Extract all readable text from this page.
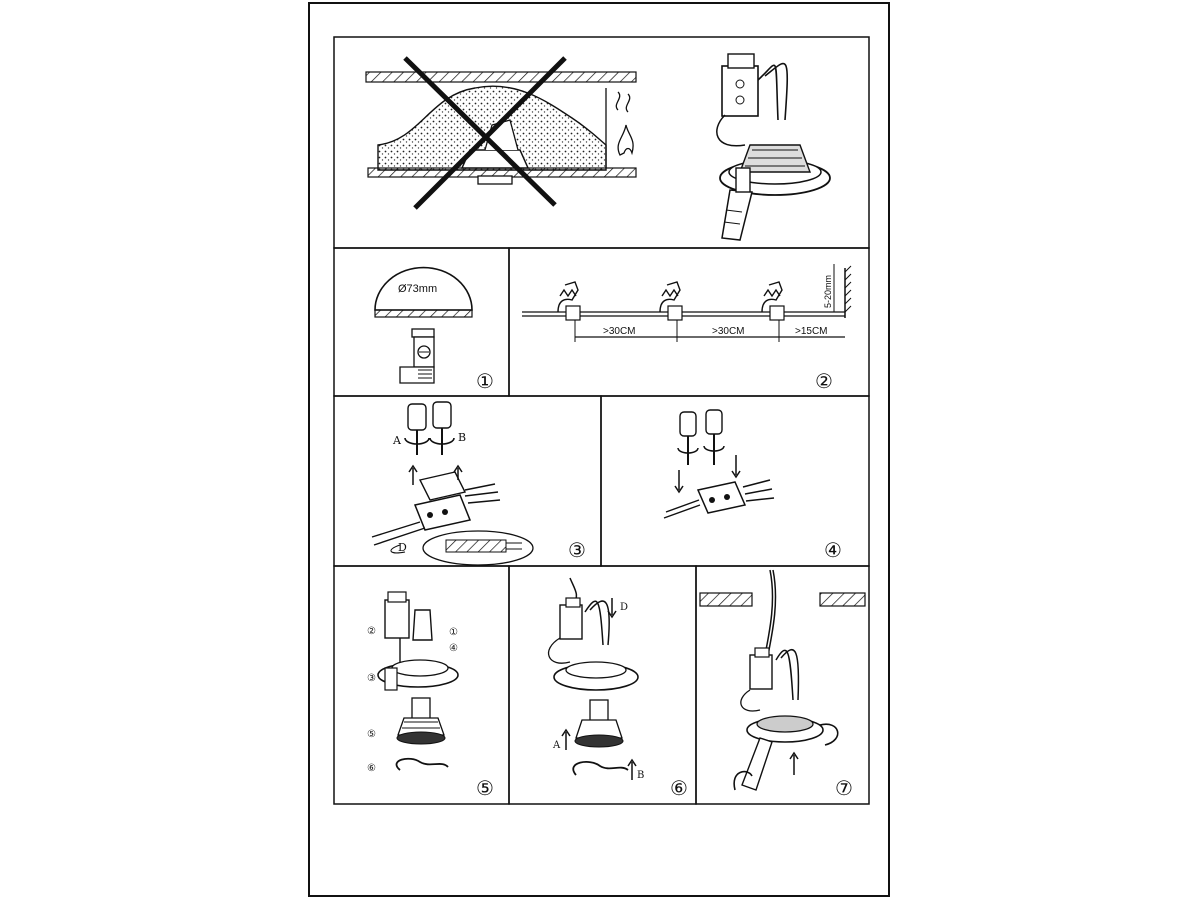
Ø73mm
①
>30CM	>30CM	>15CM
5-20mm
②
A	B
D	③	④
②	①
④
③
⑤
⑥
⑤
D
A
B
⑥	⑦
